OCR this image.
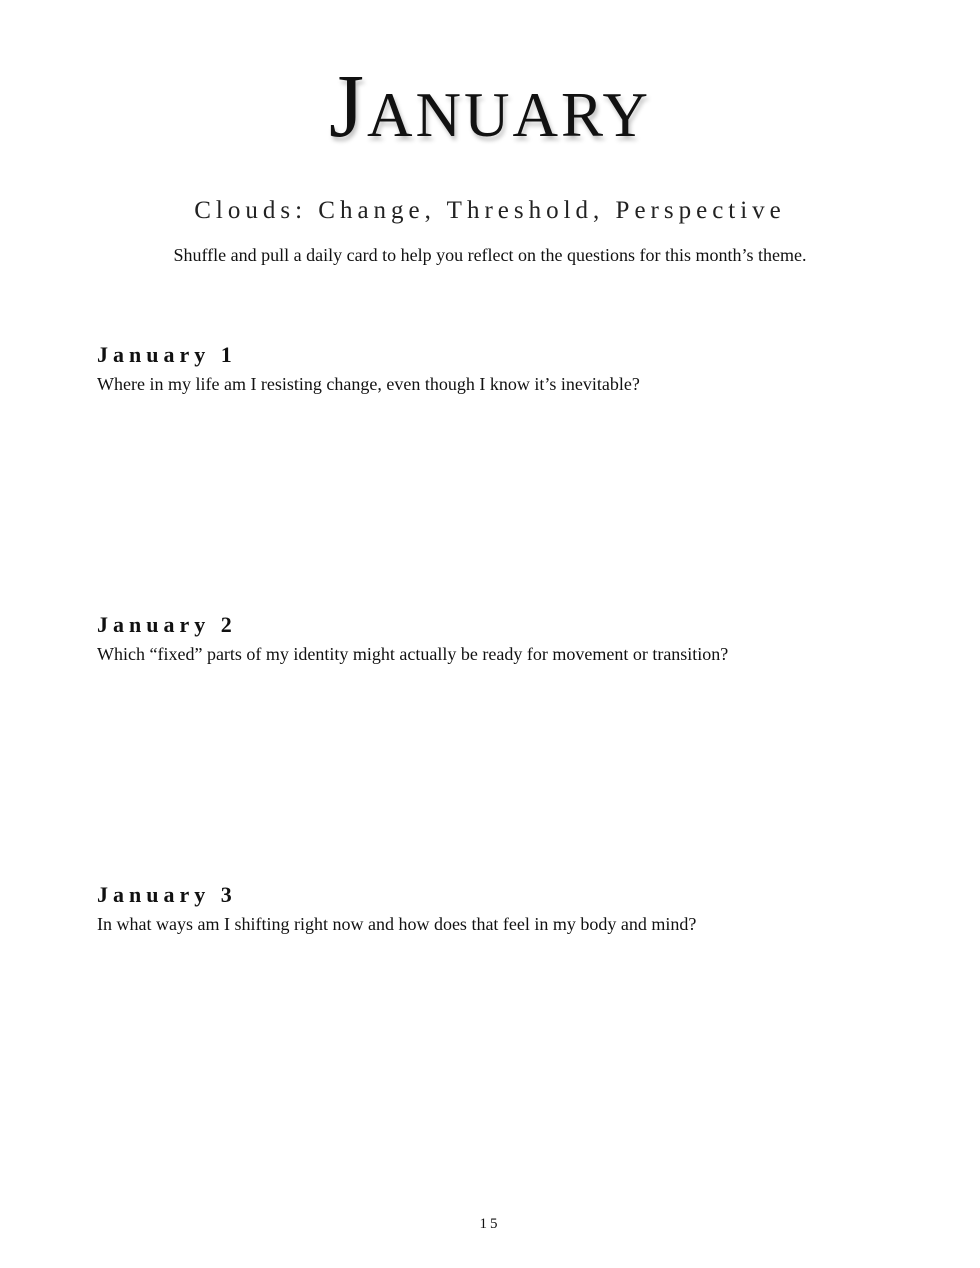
January
Clouds: Change, Threshold, Perspective
Shuffle and pull a daily card to help you reflect on the questions for this month’s theme.
January 1

Where in my life am I resisting change, even though I know it’s inevitable?

January 2

Which “fixed” parts of my identity might actually be ready for movement or transition?

January 3

In what ways am I shifting right now and how does that feel in my body and mind?

15
